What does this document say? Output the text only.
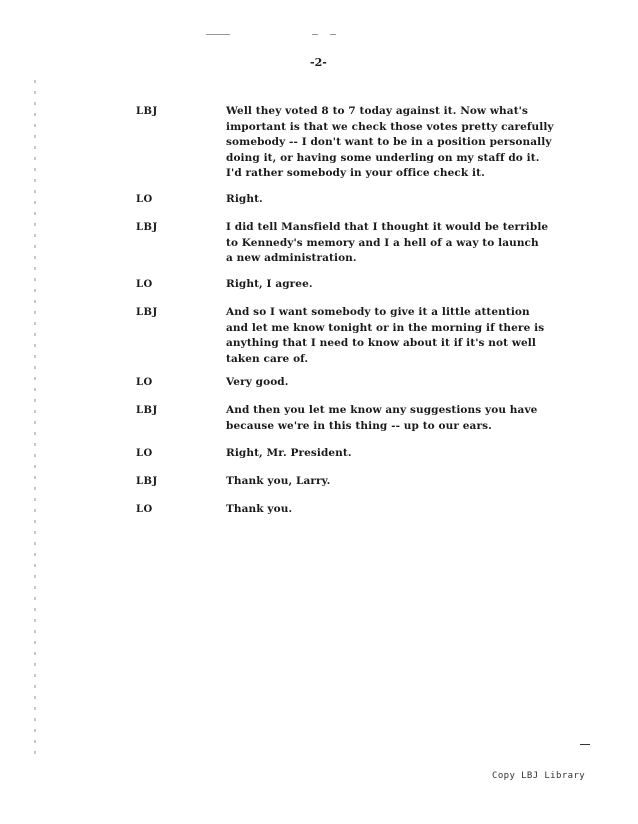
-2-
LBJ	Well they voted 8 to 7 today against it. Now what's
important is that we check those votes pretty carefully
somebody -- I don't want to be in a position personally
doing it, or having some underling on my staff do it.
I'd rather somebody in your office check it.
LO	Right.
LBJ	I did tell Mansfield that I thought it would be terrible
to Kennedy's memory and I a hell of a way to launch
a new administration.
LO	Right, I agree.
LBJ	And so I want somebody to give it a little attention
and let me know tonight or in the morning if there is
anything that I need to know about it if it's not well
taken care of.
LO	Very good.
LBJ	And then you let me know any suggestions you have
because we're in this thing -- up to our ears.
LO	Right, Mr. President.
LBJ	Thank you, Larry.
LO	Thank you.
Copy LBJ Library
